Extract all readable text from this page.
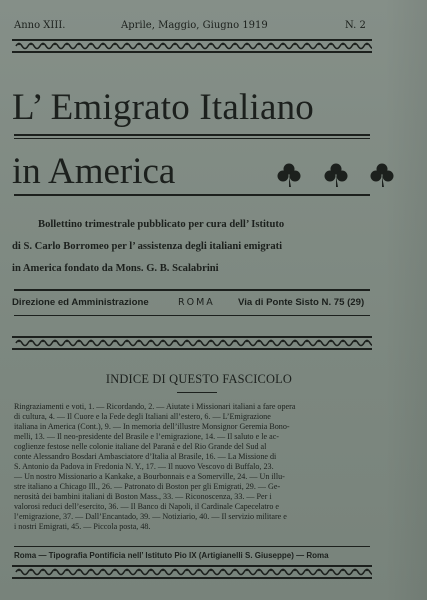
Anno XIII.	Aprile, Maggio, Giugno 1919	N. 2
L’ Emigrato Italiano
in America
Bollettino trimestrale pubblicato per cura dell’ Istituto
di S. Carlo Borromeo per l’ assistenza degli italiani emigrati
in America fondato da Mons. G. B. Scalabrini
Direzione ed Amministrazione	ROMA Via di Ponte Sisto N. 75 (29)
INDICE DI QUESTO FASCICOLO
Ringraziamenti e voti, 1. — Ricordando, 2. — Aiutate i Missionari italiani a fare opera
di cultura, 4. — Il Cuore e la Fede degli Italiani all’estero, 6. — L’Emigrazione
italiana in America (Cont.), 9. — In memoria dell’illustre Monsignor Geremia Bono-
melli, 13. — Il neo-presidente del Brasile e l’emigrazione, 14. — Il saluto e le ac-
coglienze festose nelle colonie italiane del Paraná e del Rio Grande del Sud al
conte Alessandro Bosdari Ambasciatore d’Italia al Brasile, 16. — La Missione di
S. Antonio da Padova in Fredonia N. Y., 17. — Il nuovo Vescovo di Buffalo, 23.
— Un nostro Missionario a Kankake, a Bourbonnais e a Somerville, 24. — Un illu-
stre italiano a Chicago Ill., 26. — Patronato di Boston per gli Emigrati, 29. — Ge-
nerosità dei bambini italiani di Boston Mass., 33. — Riconoscenza, 33. — Per i
valorosi reduci dell’esercito, 36. — Il Banco di Napoli, il Cardinale Capecelatro e
l’emigrazione, 37. — Dall’Encantado, 39. — Notiziario, 40. — Il servizio militare e
i nostri Emigrati, 45. — Piccola posta, 48.
Roma — Tipografia Pontificia nell’ Istituto Pio IX (Artigianelli S. Giuseppe) — Roma
